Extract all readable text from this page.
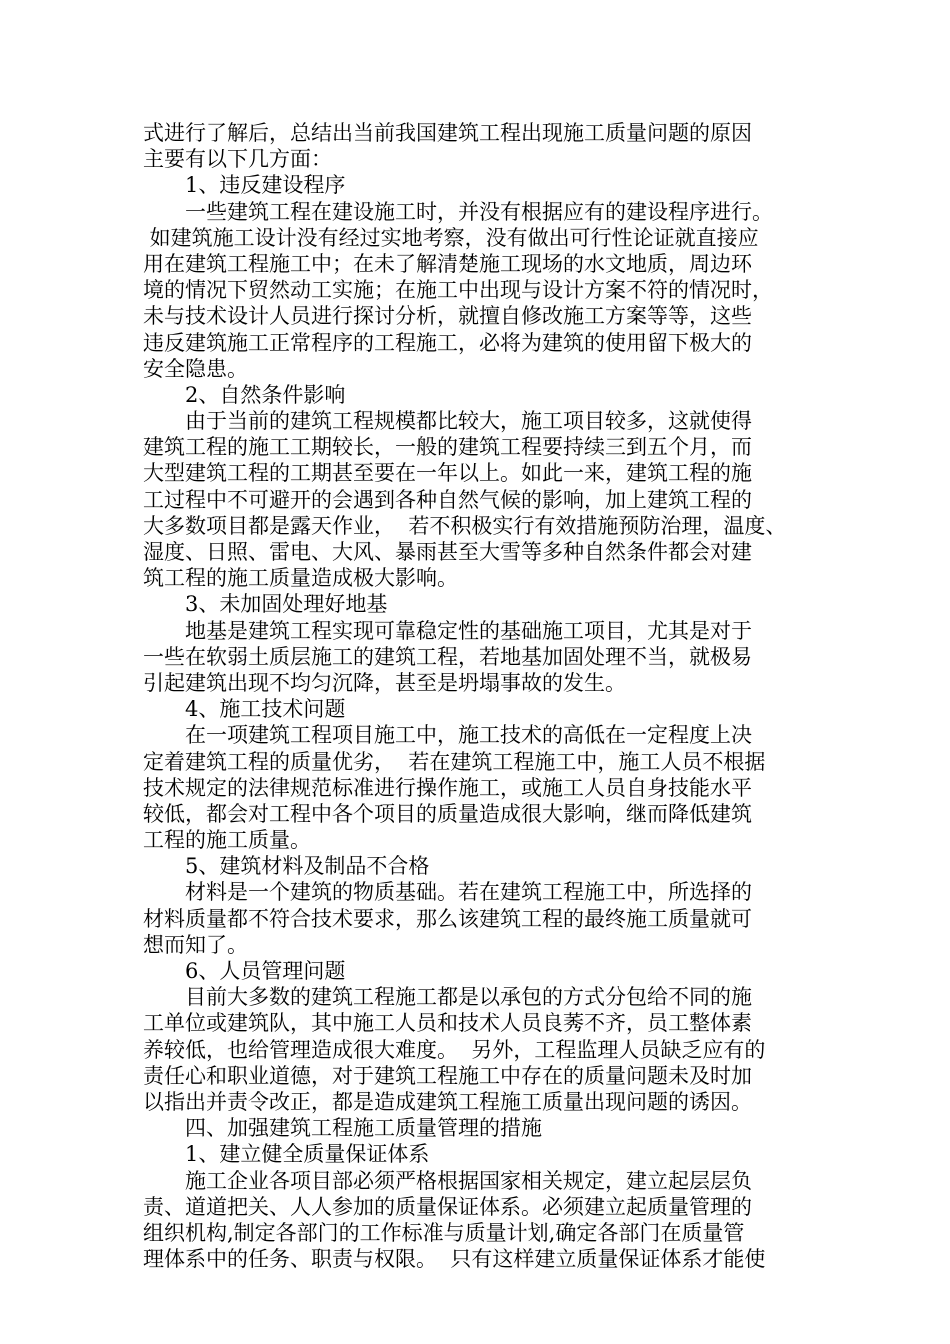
式进行了解后，总结出当前我国建筑工程出现施工质量问题的原因
主要有以下几方面：
1、违反建设程序
一些建筑工程在建设施工时，并没有根据应有的建设程序进行。
如建筑施工设计没有经过实地考察，没有做出可行性论证就直接应
用在建筑工程施工中；在未了解清楚施工现场的水文地质，周边环
境的情况下贸然动工实施；在施工中出现与设计方案不符的情况时，
未与技术设计人员进行探讨分析，就擅自修改施工方案等等，这些
违反建筑施工正常程序的工程施工，必将为建筑的使用留下极大的
安全隐患。
2、自然条件影响
由于当前的建筑工程规模都比较大，施工项目较多，这就使得
建筑工程的施工工期较长，一般的建筑工程要持续三到五个月，而
大型建筑工程的工期甚至要在一年以上。如此一来，建筑工程的施
工过程中不可避开的会遇到各种自然气候的影响，加上建筑工程的
大多数项目都是露天作业，  若不积极实行有效措施预防治理，温度、
湿度、日照、雷电、大风、暴雨甚至大雪等多种自然条件都会对建
筑工程的施工质量造成极大影响。
3、未加固处理好地基
地基是建筑工程实现可靠稳定性的基础施工项目，尤其是对于
一些在软弱土质层施工的建筑工程，若地基加固处理不当，就极易
引起建筑出现不均匀沉降，甚至是坍塌事故的发生。
4、施工技术问题
在一项建筑工程项目施工中，施工技术的高低在一定程度上决
定着建筑工程的质量优劣，  若在建筑工程施工中，施工人员不根据
技术规定的法律规范标准进行操作施工，或施工人员自身技能水平
较低，都会对工程中各个项目的质量造成很大影响，继而降低建筑
工程的施工质量。
5、建筑材料及制品不合格
材料是一个建筑的物质基础。若在建筑工程施工中，所选择的
材料质量都不符合技术要求，那么该建筑工程的最终施工质量就可
想而知了。
6、人员管理问题
目前大多数的建筑工程施工都是以承包的方式分包给不同的施
工单位或建筑队，其中施工人员和技术人员良莠不齐，员工整体素
养较低，也给管理造成很大难度。  另外，工程监理人员缺乏应有的
责任心和职业道德，对于建筑工程施工中存在的质量问题未及时加
以指出并责令改正，都是造成建筑工程施工质量出现问题的诱因。
四、加强建筑工程施工质量管理的措施
1、建立健全质量保证体系
施工企业各项目部必须严格根据国家相关规定，建立起层层负
责、道道把关、人人参加的质量保证体系。必须建立起质量管理的
组织机构,制定各部门的工作标准与质量计划,确定各部门在质量管
理体系中的任务、职责与权限。  只有这样建立质量保证体系才能使
